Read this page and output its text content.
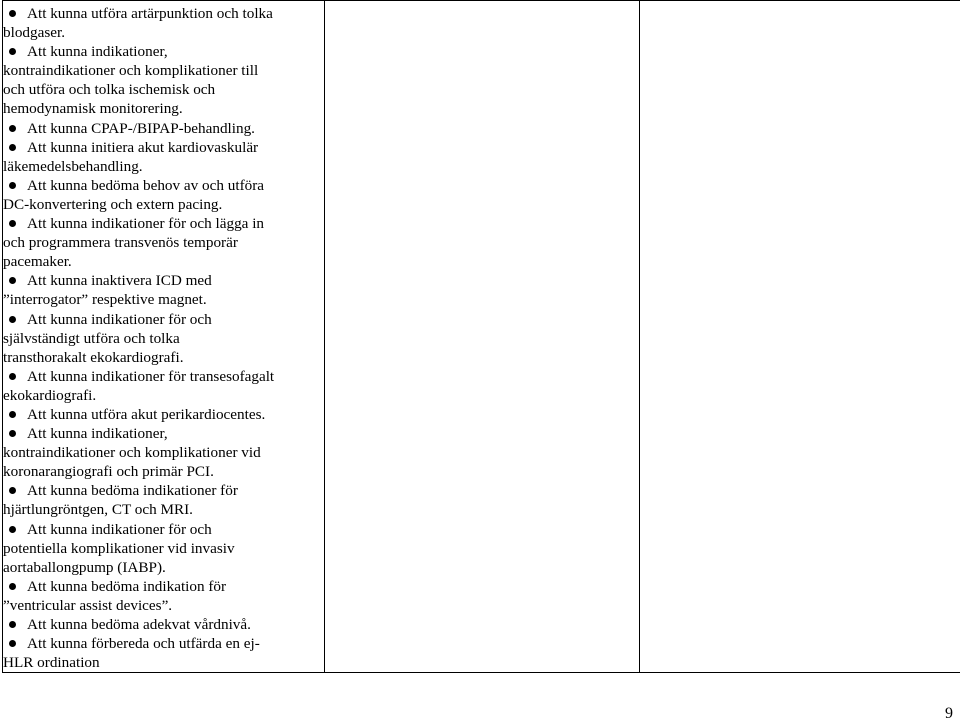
Att kunna utföra artärpunktion och tolka
blodgaser.
Att kunna indikationer,
kontraindikationer och komplikationer till
och utföra och tolka ischemisk och
hemodynamisk monitorering.
Att kunna CPAP-/BIPAP-behandling.
Att kunna initiera akut kardiovaskulär
läkemedelsbehandling.
Att kunna bedöma behov av och utföra
DC-konvertering och extern pacing.
Att kunna indikationer för och lägga in
och programmera transvenös temporär
pacemaker.
Att kunna inaktivera ICD med
”interrogator” respektive magnet.
Att kunna indikationer för och
självständigt utföra och tolka
transthorakalt ekokardiografi.
Att kunna indikationer för transesofagalt
ekokardiografi.
Att kunna utföra akut perikardiocentes.
Att kunna indikationer,
kontraindikationer och komplikationer vid
koronarangiografi och primär PCI.
Att kunna bedöma indikationer för
hjärtlungröntgen, CT och MRI.
Att kunna indikationer för och
potentiella komplikationer vid invasiv
aortaballongpump (IABP).
Att kunna bedöma indikation för
”ventricular assist devices”.
Att kunna bedöma adekvat vårdnivå.
Att kunna förbereda och utfärda en ej-
HLR ordination

9
